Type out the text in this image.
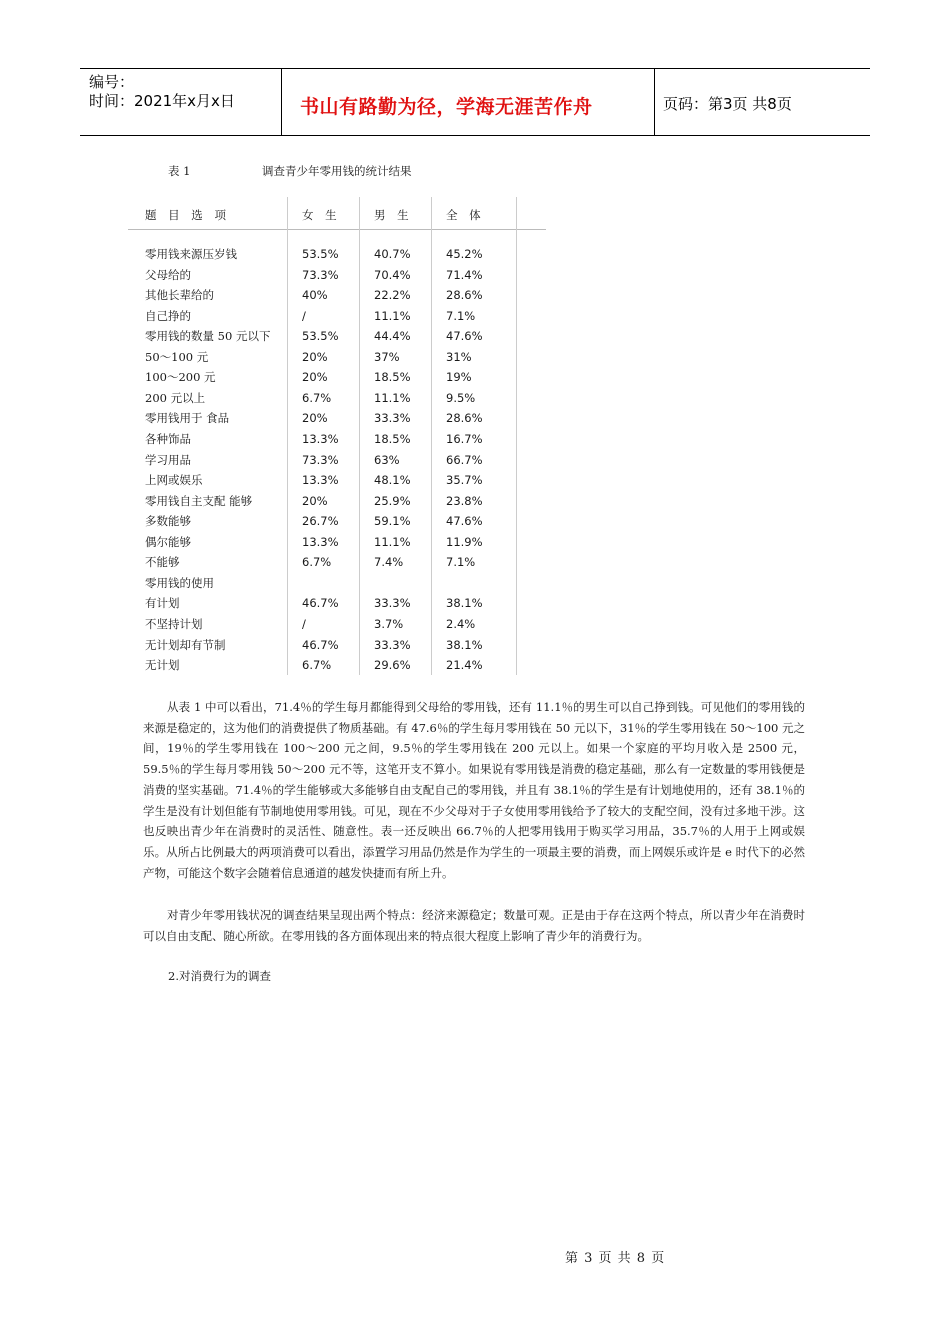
编号：
时间：2021年x月x日	书山有路勤为径，学海无涯苦作舟	页码：第3页 共8页
表 1	调查青少年零用钱的统计结果
题 目 选 项	女 生	男 生	全 体
零用钱来源压岁钱	53.5%	40.7%	45.2%
父母给的	73.3%	70.4%	71.4%
其他长辈给的	40%	22.2%	28.6%
自己挣的	/	11.1%	7.1%
零用钱的数量 50 元以下	53.5%	44.4%	47.6%
50～100 元	20%	37%	31%
100～200 元	20%	18.5%	19%
200 元以上	6.7%	11.1%	9.5%
零用钱用于 食品	20%	33.3%	28.6%
各种饰品	13.3%	18.5%	16.7%
学习用品	73.3%	63%	66.7%
上网或娱乐	13.3%	48.1%	35.7%
零用钱自主支配 能够	20%	25.9%	23.8%
多数能够	26.7%	59.1%	47.6%
偶尔能够	13.3%	11.1%	11.9%
不能够	6.7%	7.4%	7.1%
零用钱的使用
有计划	46.7%	33.3%	38.1%
不坚持计划	/	3.7%	2.4%
无计划却有节制	46.7%	33.3%	38.1%
无计划	6.7%	29.6%	21.4%

从表 1 中可以看出，71.4％的学生每月都能得到父母给的零用钱，还有 11.1％的男生可以自己挣到钱。可见他们的零用钱的来源是稳定的，这为他们的消费提供了物质基础。有 47.6％的学生每月零用钱在 50 元以下，31％的学生零用钱在 50～100 元之间，19％的学生零用钱在 100～200 元之间，9.5％的学生零用钱在 200 元以上。如果一个家庭的平均月收入是 2500 元，59.5％的学生每月零用钱 50～200 元不等，这笔开支不算小。如果说有零用钱是消费的稳定基础，那么有一定数量的零用钱便是消费的坚实基础。71.4％的学生能够或大多能够自由支配自己的零用钱，并且有 38.1％的学生是有计划地使用的，还有 38.1％的学生是没有计划但能有节制地使用零用钱。可见，现在不少父母对于子女使用零用钱给予了较大的支配空间，没有过多地干涉。这也反映出青少年在消费时的灵活性、随意性。表一还反映出 66.7％的人把零用钱用于购买学习用品，35.7％的人用于上网或娱乐。从所占比例最大的两项消费可以看出，添置学习用品仍然是作为学生的一项最主要的消费，而上网娱乐或许是 e 时代下的必然产物，可能这个数字会随着信息通道的越发快捷而有所上升。

对青少年零用钱状况的调查结果呈现出两个特点：经济来源稳定；数量可观。正是由于存在这两个特点，所以青少年在消费时可以自由支配、随心所欲。在零用钱的各方面体现出来的特点很大程度上影响了青少年的消费行为。

2.对消费行为的调查
第 3 页 共 8 页
